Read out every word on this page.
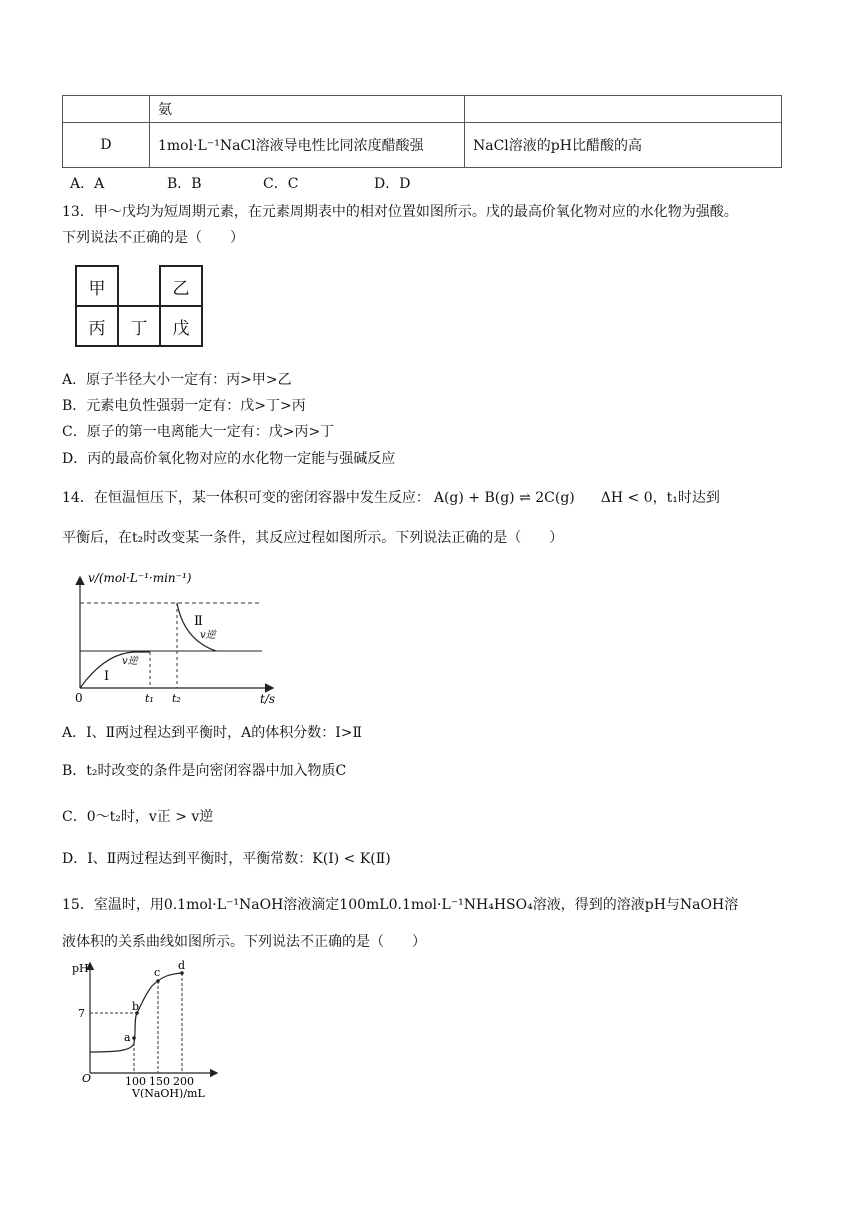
	氨	
D	1mol·L⁻¹NaCl溶液导电性比同浓度醋酸强	NaCl溶液的pH比醋酸的高
A．A	B．B	C．C	D．D
13．甲～戊均为短周期元素，在元素周期表中的相对位置如图所示。戊的最高价氧化物对应的水化物为强酸。
下列说法不正确的是（　　）
甲		乙
丙	丁	戊
A．原子半径大小一定有：丙>甲>乙
B．元素电负性强弱一定有：戊>丁>丙
C．原子的第一电离能大一定有：戊>丙>丁
D．丙的最高价氧化物对应的水化物一定能与强碱反应
14．在恒温恒压下，某一体积可变的密闭容器中发生反应： A(g) + B(g) ⇌ 2C(g) ΔH < 0，t₁时达到
平衡后，在t₂时改变某一条件，其反应过程如图所示。下列说法正确的是（　　）
v/(mol·L⁻¹·min⁻¹)
t/s
0	t₁ t₂
Ⅰ
Ⅱ
v逆
v逆
A．Ⅰ、Ⅱ两过程达到平衡时，A的体积分数：Ⅰ>Ⅱ
B．t₂时改变的条件是向密闭容器中加入物质C
C．0～t₂时，v正 > v逆
D．Ⅰ、Ⅱ两过程达到平衡时，平衡常数：K(Ⅰ) < K(Ⅱ)
15．室温时，用0.1mol·L⁻¹NaOH溶液滴定100mL0.1mol·L⁻¹NH₄HSO₄溶液，得到的溶液pH与NaOH溶
液体积的关系曲线如图所示。下列说法不正确的是（　　）
a
b
c
d
pH
7
O	100 150 200
V(NaOH)/mL
